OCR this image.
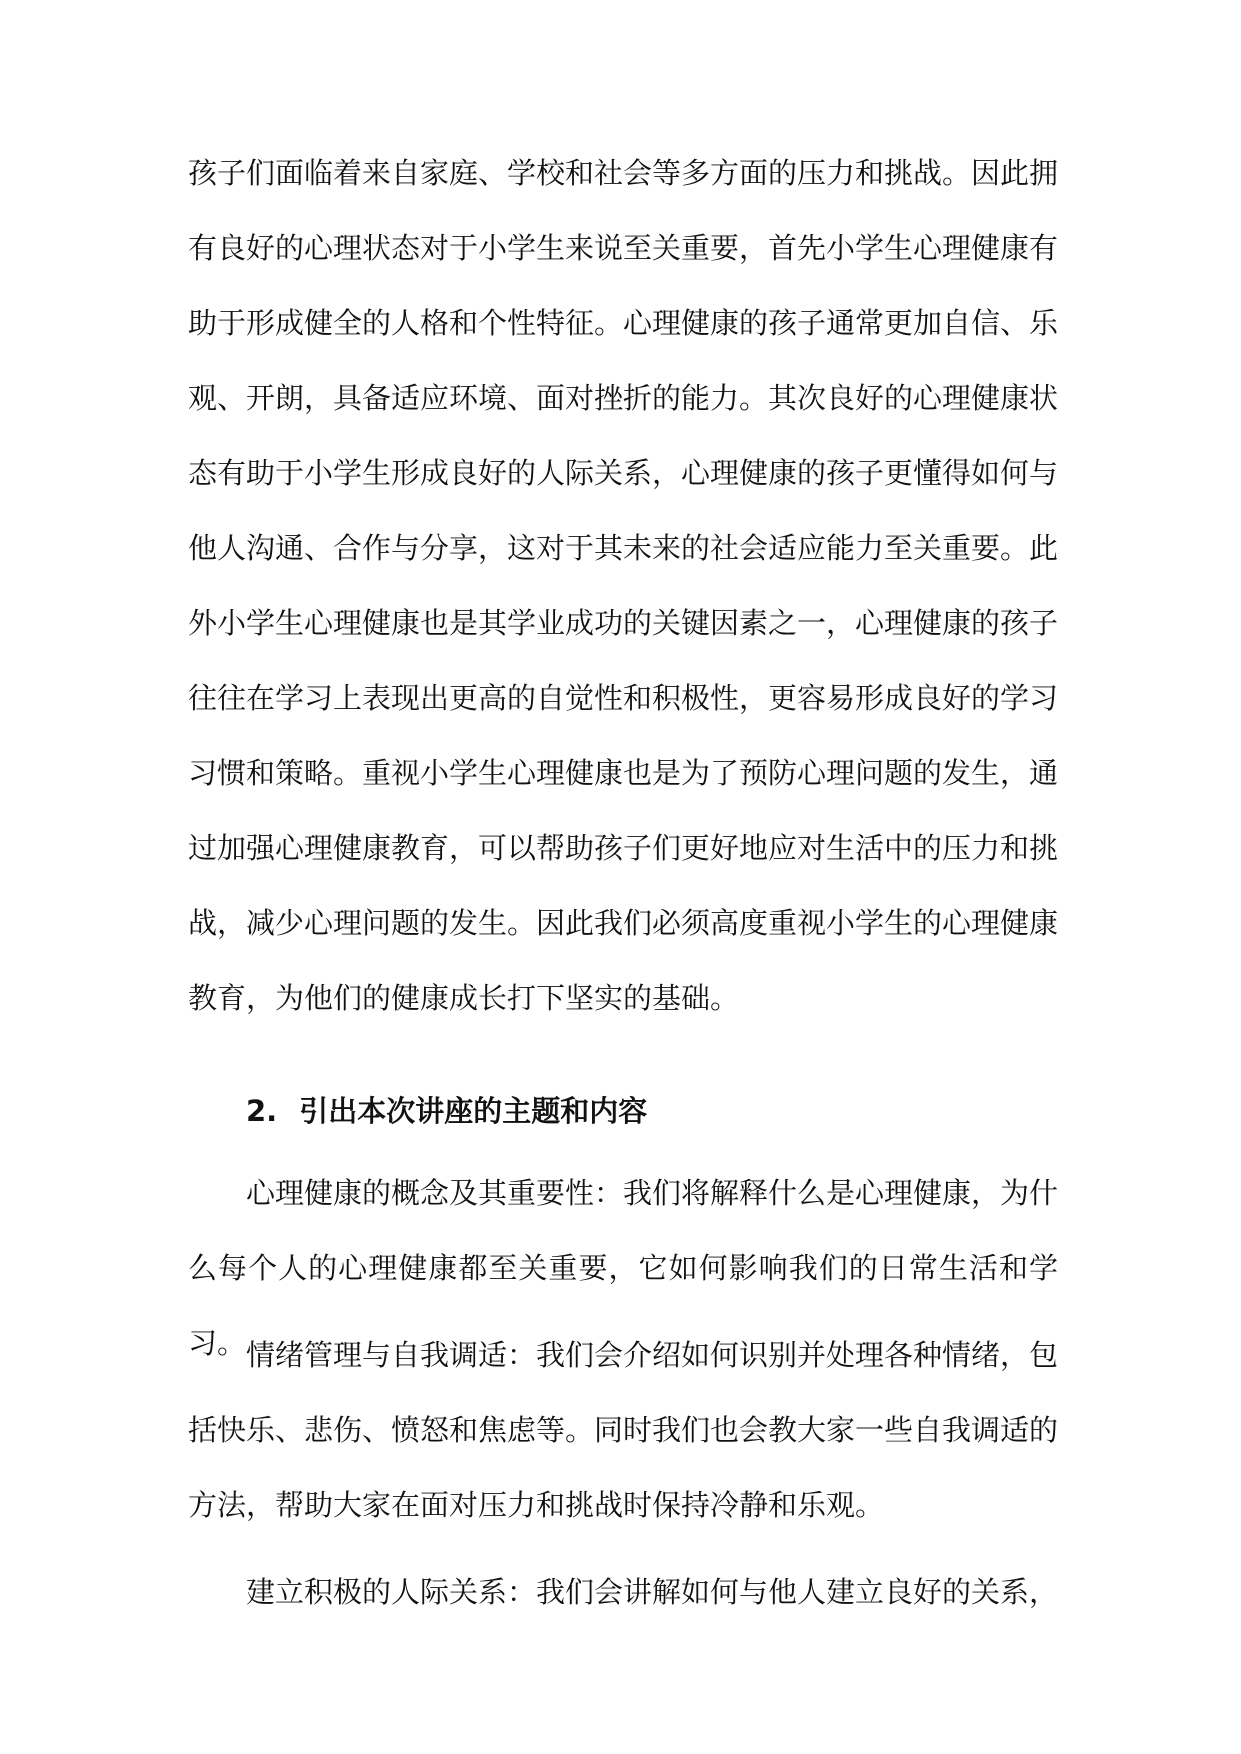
孩子们面临着来自家庭、学校和社会等多方面的压力和挑战。因此拥有良好的心理状态对于小学生来说至关重要，首先小学生心理健康有助于形成健全的人格和个性特征。心理健康的孩子通常更加自信、乐观、开朗，具备适应环境、面对挫折的能力。其次良好的心理健康状态有助于小学生形成良好的人际关系，心理健康的孩子更懂得如何与他人沟通、合作与分享，这对于其未来的社会适应能力至关重要。此外小学生心理健康也是其学业成功的关键因素之一，心理健康的孩子往往在学习上表现出更高的自觉性和积极性，更容易形成良好的学习习惯和策略。重视小学生心理健康也是为了预防心理问题的发生，通过加强心理健康教育，可以帮助孩子们更好地应对生活中的压力和挑战，减少心理问题的发生。因此我们必须高度重视小学生的心理健康教育，为他们的健康成长打下坚实的基础。

2. 引出本次讲座的主题和内容

心理健康的概念及其重要性：我们将解释什么是心理健康，为什么每个人的心理健康都至关重要，它如何影响我们的日常生活和学习。 情绪管理与自我调适：我们会介绍如何识别并处理各种情绪，包括快乐、悲伤、愤怒和焦虑等。同时我们也会教大家一些自我调适的方法，帮助大家在面对压力和挑战时保持冷静和乐观。

建立积极的人际关系：我们会讲解如何与他人建立良好的关系，
